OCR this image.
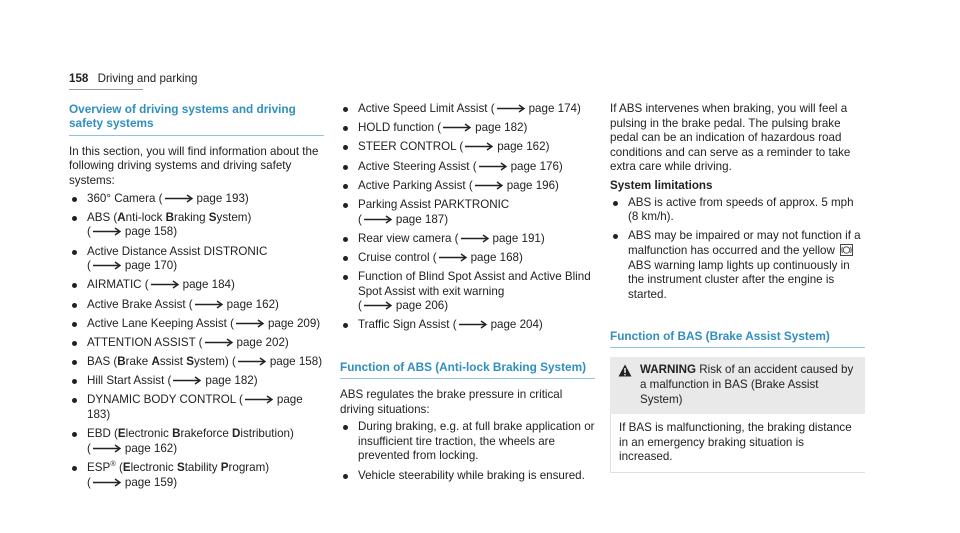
158 Driving and parking
Overview of driving systems and driving safety systems

In this section, you will find information about the following driving systems and driving safety systems:

360° Camera (	page 193)
ABS (Anti-lock Braking System)
(	page 158)
Active Distance Assist DISTRONIC
(	page 170)
AIRMATIC (	page 184)
Active Brake Assist (	page 162)
Active Lane Keeping Assist (	page 209)
ATTENTION ASSIST (	page 202)
BAS (Brake Assist System) (	page 158)
Hill Start Assist (	page 182)
DYNAMIC BODY CONTROL (	page 183)
EBD (Electronic Brakeforce Distribution)
(	page 162)
ESP® (Electronic Stability Program)
(	page 159)
Active Speed Limit Assist (	page 174)
HOLD function (	page 182)
STEER CONTROL (	page 162)
Active Steering Assist (	page 176)
Active Parking Assist (	page 196)
Parking Assist PARKTRONIC
(	page 187)
Rear view camera (	page 191)
Cruise control (	page 168)
Function of Blind Spot Assist and Active Blind Spot Assist with exit warning
(	page 206)
Traffic Sign Assist (	page 204)
Function of ABS (Anti-lock Braking System)

ABS regulates the brake pressure in critical driving situations:

During braking, e.g. at full brake application or insufficient tire traction, the wheels are prevented from locking.
Vehicle steerability while braking is ensured.

If ABS intervenes when braking, you will feel a pulsing in the brake pedal. The pulsing brake pedal can be an indication of hazardous road conditions and can serve as a reminder to take extra care while driving.

System limitations
ABS is active from speeds of approx. 5 mph (8 km/h).
ABS may be impaired or may not function if a malfunction has occurred and the yellow
ABS warning lamp lights up continuously in the instrument cluster after the engine is started.
Function of BAS (Brake Assist System)
WARNING Risk of an accident caused by a malfunction in BAS (Brake Assist System)
If BAS is malfunctioning, the braking distance in an emergency braking situation is increased.
